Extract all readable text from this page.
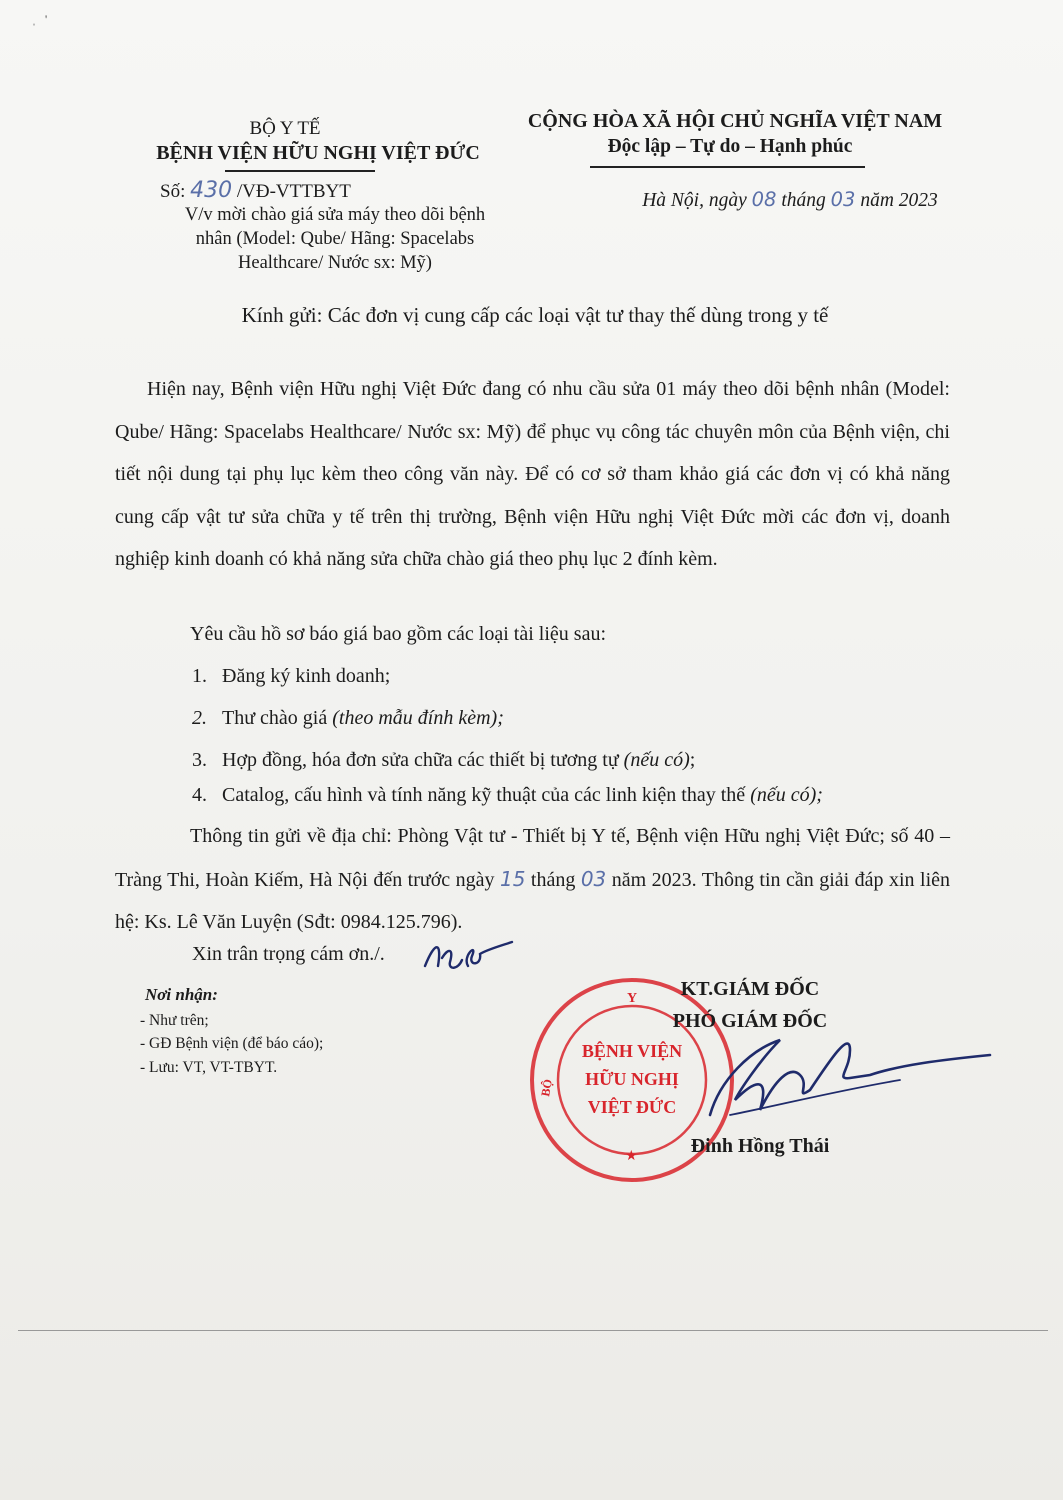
ˌ   '
BỘ Y TẾ
BỆNH VIỆN HỮU NGHỊ VIỆT ĐỨC
Số: 430 /VĐ-VTTBYT
V/v mời chào giá sửa máy theo dõi bệnh
nhân (Model: Qube/ Hãng: Spacelabs
Healthcare/ Nước sx: Mỹ)
CỘNG HÒA XÃ HỘI CHỦ NGHĨA VIỆT NAM
Độc lập – Tự do – Hạnh phúc
Hà Nội, ngày 08 tháng 03 năm 2023
Kính gửi: Các đơn vị cung cấp các loại vật tư thay thế dùng trong y tế
Hiện nay, Bệnh viện Hữu nghị Việt Đức đang có nhu cầu sửa 01 máy theo dõi bệnh nhân (Model: Qube/ Hãng: Spacelabs Healthcare/ Nước sx: Mỹ) để phục vụ công tác chuyên môn của Bệnh viện, chi tiết nội dung tại phụ lục kèm theo công văn này. Để có cơ sở tham khảo giá các đơn vị có khả năng cung cấp vật tư sửa chữa y tế trên thị trường, Bệnh viện Hữu nghị Việt Đức mời các đơn vị, doanh nghiệp kinh doanh có khả năng sửa chữa chào giá theo phụ lục 2 đính kèm.
Yêu cầu hồ sơ báo giá bao gồm các loại tài liệu sau:
1. Đăng ký kinh doanh;
2. Thư chào giá (theo mẫu đính kèm);
3. Hợp đồng, hóa đơn sửa chữa các thiết bị tương tự (nếu có);
4. Catalog, cấu hình và tính năng kỹ thuật của các linh kiện thay thế (nếu có);
Thông tin gửi về địa chỉ: Phòng Vật tư - Thiết bị Y tế, Bệnh viện Hữu nghị Việt Đức; số 40 – Tràng Thi, Hoàn Kiếm, Hà Nội đến trước ngày 15 tháng 03 năm 2023. Thông tin cần giải đáp xin liên hệ: Ks. Lê Văn Luyện (Sđt: 0984.125.796).
Xin trân trọng cám ơn./.
Nơi nhận:
- Như trên;
- GĐ Bệnh viện (để báo cáo);
- Lưu: VT, VT-TBYT.
Y
BỘ
BỆNH VIỆN
HỮU NGHỊ
VIỆT ĐỨC
★
KT.GIÁM ĐỐC
PHÓ GIÁM ĐỐC
Đinh Hồng Thái
